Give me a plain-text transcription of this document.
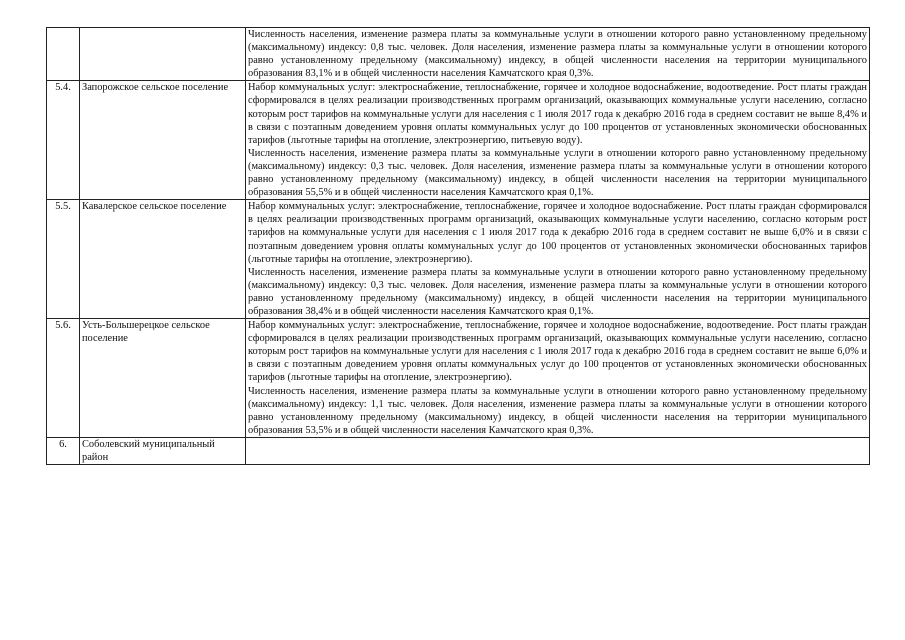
		Численность населения, изменение размера платы за коммунальные услуги в отношении которого равно установленному предельному (максимальному) индексу: 0,8 тыс. человек. Доля населения, изменение размера платы за коммунальные услуги в отношении которого равно установленному предельному (максимальному) индексу, в общей численности населения на территории муниципального образования 83,1% и в общей численности населения Камчатского края 0,3%.

5.4.	Запорожское сельское поселение	Набор коммунальных услуг: электроснабжение, теплоснабжение, горячее и холодное водоснабжение, водоотведение. Рост платы граждан сформировался в целях реализации производственных программ организаций, оказывающих коммунальные услуги населению, согласно которым рост тарифов на коммунальные услуги для населения с 1 июля 2017 года к декабрю 2016 года в среднем составит не выше 8,4% и в связи с поэтапным доведением уровня оплаты коммунальных услуг до 100 процентов от установленных экономически обоснованных тарифов (льготные тарифы на отопление, электроэнергию, питьевую воду).
Численность населения, изменение размера платы за коммунальные услуги в отношении которого равно установленному предельному (максимальному) индексу: 0,3 тыс. человек. Доля населения, изменение размера платы за коммунальные услуги в отношении которого равно установленному предельному (максимальному) индексу, в общей численности населения на территории муниципального образования 55,5% и в общей численности населения Камчатского края 0,1%.

5.5.	Кавалерское сельское поселение	Набор коммунальных услуг: электроснабжение, теплоснабжение, горячее и холодное водоснабжение. Рост платы граждан сформировался в целях реализации производственных программ организаций, оказывающих коммунальные услуги населению, согласно которым рост тарифов на коммунальные услуги для населения с 1 июля 2017 года к декабрю 2016 года в среднем составит не выше 6,0% и в связи с поэтапным доведением уровня оплаты коммунальных услуг до 100 процентов от установленных экономически обоснованных тарифов (льготные тарифы на отопление, электроэнергию).
Численность населения, изменение размера платы за коммунальные услуги в отношении которого равно установленному предельному (максимальному) индексу: 0,3 тыс. человек. Доля населения, изменение размера платы за коммунальные услуги в отношении которого равно установленному предельному (максимальному) индексу, в общей численности населения на территории муниципального образования 38,4% и в общей численности населения Камчатского края 0,1%.

5.6.	Усть-Большерецкое сельское поселение	Набор коммунальных услуг: электроснабжение, теплоснабжение, горячее и холодное водоснабжение, водоотведение. Рост платы граждан сформировался в целях реализации производственных программ организаций, оказывающих коммунальные услуги населению, согласно которым рост тарифов на коммунальные услуги для населения с 1 июля 2017 года к декабрю 2016 года в среднем составит не выше 6,0% и в связи с поэтапным доведением уровня оплаты коммунальных услуг до 100 процентов от установленных экономически обоснованных тарифов (льготные тарифы на отопление, электроэнергию).
Численность населения, изменение размера платы за коммунальные услуги в отношении которого равно установленному предельному (максимальному) индексу: 1,1 тыс. человек. Доля населения, изменение размера платы за коммунальные услуги в отношении которого равно установленному предельному (максимальному) индексу, в общей численности населения на территории муниципального образования 53,5% и в общей численности населения Камчатского края 0,3%.

6.	Соболевский муниципальный район	
